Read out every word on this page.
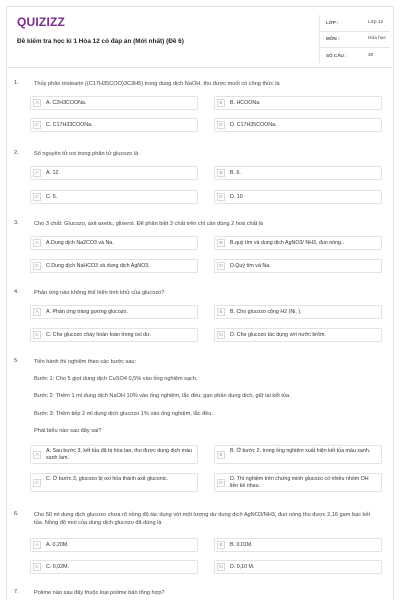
QUIZIZZ
Đề kiểm tra học kì 1 Hóa 12 có đáp án (Mới nhất) (Đề 6)
LỚP :	Lớp 12
MÔN :	Hóa học
SỐ CÂU :	30
1.	Thủy phân tristearin ((C17H35COO)3C3H5) trong dung dịch NaOH, thu được muối có công thức là
A	A. C2H3COONa.	B	B. HCOONa.
C	C. C17H33COONa.	D	D. C17H35COONa.
2.	Số nguyên tử oxi trong phân tử glucozo là
A	A. 12.	B	B. 6.
C	C. 5.	D	D. 10
3.	Cho 3 chất: Glucozo, axit axetic, glixerol. Để phân biệt 3 chất trên chỉ cần dùng 2 hoá chất là
A	A.Dung dịch Na2CO3 và Na.	B	B.quỳ tím và dung dịch AgNO3/ NH3, đun nóng..
C	C.Dung dịch NaHCO3 và dung dịch AgNO3.	D	D.Quỳ tím và Na.
4.	Phản ứng nào không thể hiện tính khử của glucozo?
A	A. Phản ứng tráng gương glucozo.	B	B. Cho glucozo cộng H2 (Ni, ).
C	C. Cho glucozo cháy hoàn toàn trong oxi dư.	D	D. Cho glucozo tác dụng với nước brôm.
5.	Tiến hành thí nghiệm theo các bước sau:
Bước 1: Cho 5 giọt dung dịch CuSO4 0,5% vào ống nghiệm sạch.
Bước 2: Thêm 1 ml dung dịch NaOH 10% vào ống nghiệm, lắc đều; gạn phần dung dịch, giữ lại kết tủa.
Bước 3: Thêm tiếp 2 ml dung dịch glucozo 1% vào ống nghiệm, lắc đều.
Phát biểu nào sau đây sai?
A
A. Sau bước 3, kết tủa đã bị hòa tan, thu được dung dịch màu xanh lam.	B
B. Ở bước 2, trong ống nghiệm xuất hiện kết tủa màu xanh.
C
C. Ở bước 3, glucozo bị oxi hóa thành axit gluconic.
D
D. Thí nghiệm trên chứng minh glucozo có nhiều nhóm OH liền kề nhau.
6.	Cho 50 ml dung dịch glucozo chưa rõ nồng độ tác dụng với một lượng dư dung dịch AgNO3/NH3, đun nóng thu được 2,16 gam bạc kết tủa. Nồng độ mol của dung dịch glucozo đã dùng là
A	A. 0,20M.	B	B. 0,01M.
C	C. 0,02M.	D	D. 0,10 M.
7.	Polime nào sau đây thuộc loại polime bán tổng hợp?
